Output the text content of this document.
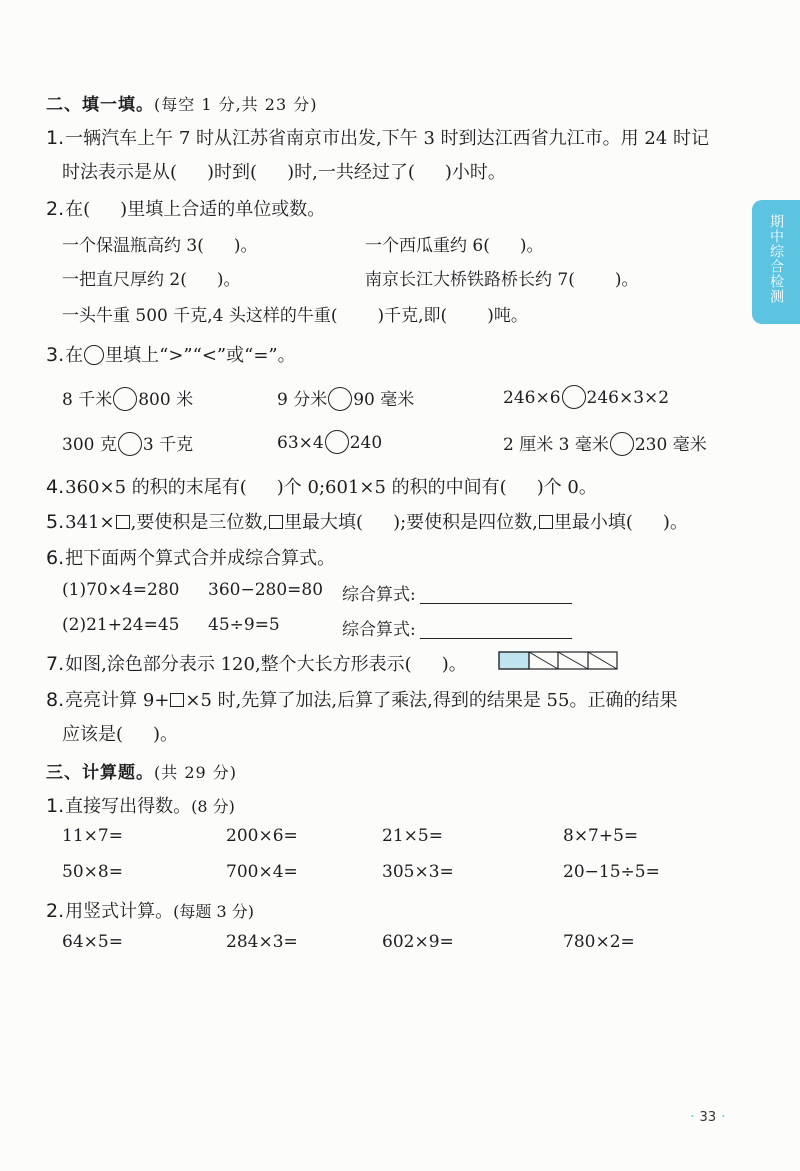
期中综合检测
二、填一填。(每空 1 分,共 23 分)
1.一辆汽车上午 7 时从江苏省南京市出发,下午 3 时到达江西省九江市。用 24 时记
时法表示是从( )时到( )时,一共经过了( )小时。
2.在( )里填上合适的单位或数。
一个保温瓶高约 3( )。	一个西瓜重约 6( )。
一把直尺厚约 2( )。	南京长江大桥铁路桥长约 7( )。
一头牛重 500 千克,4 头这样的牛重( )千克,即( )吨。
3.在 里填上“>”“<”或“=”。
8 千米 800 米	9 分米 90 毫米	246×6 246×3×2
300 克 3 千克	63×4 240	2 厘米 3 毫米 230 毫米
4.360×5 的积的末尾有( )个 0;601×5 的积的中间有( )个 0。
5.341× ,要使积是三位数, 里最大填( );要使积是四位数, 里最小填( )。
6.把下面两个算式合并成综合算式。
(1)70×4=280 360−280=80 综合算式:
(2)21+24=45 45÷9=5	综合算式:
7.如图,涂色部分表示 120,整个大长方形表示( )。
8.亮亮计算 9+ ×5 时,先算了加法,后算了乘法,得到的结果是 55。正确的结果
应该是( )。
三、计算题。(共 29 分)
1.直接写出得数。(8 分)
11×7=	200×6=	21×5=	8×7+5=
50×8=	700×4=	305×3=	20−15÷5=
2.用竖式计算。(每题 3 分)
64×5=	284×3=	602×9=	780×2=
· 33 ·
